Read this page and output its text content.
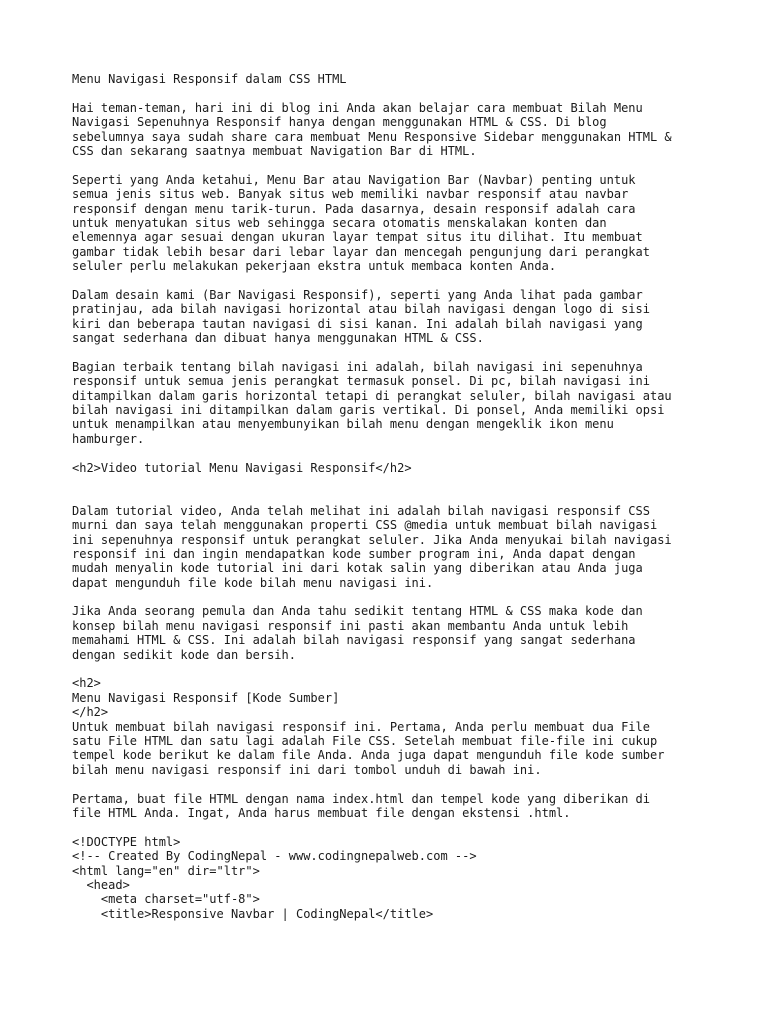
Menu Navigasi Responsif dalam CSS HTML
Hai teman-teman, hari ini di blog ini Anda akan belajar cara membuat Bilah Menu
Navigasi Sepenuhnya Responsif hanya dengan menggunakan HTML & CSS. Di blog
sebelumnya saya sudah share cara membuat Menu Responsive Sidebar menggunakan HTML &
CSS dan sekarang saatnya membuat Navigation Bar di HTML.
Seperti yang Anda ketahui, Menu Bar atau Navigation Bar (Navbar) penting untuk
semua jenis situs web. Banyak situs web memiliki navbar responsif atau navbar
responsif dengan menu tarik-turun. Pada dasarnya, desain responsif adalah cara
untuk menyatukan situs web sehingga secara otomatis menskalakan konten dan
elemennya agar sesuai dengan ukuran layar tempat situs itu dilihat. Itu membuat
gambar tidak lebih besar dari lebar layar dan mencegah pengunjung dari perangkat
seluler perlu melakukan pekerjaan ekstra untuk membaca konten Anda.
Dalam desain kami (Bar Navigasi Responsif), seperti yang Anda lihat pada gambar
pratinjau, ada bilah navigasi horizontal atau bilah navigasi dengan logo di sisi
kiri dan beberapa tautan navigasi di sisi kanan. Ini adalah bilah navigasi yang
sangat sederhana dan dibuat hanya menggunakan HTML & CSS.
Bagian terbaik tentang bilah navigasi ini adalah, bilah navigasi ini sepenuhnya
responsif untuk semua jenis perangkat termasuk ponsel. Di pc, bilah navigasi ini
ditampilkan dalam garis horizontal tetapi di perangkat seluler, bilah navigasi atau
bilah navigasi ini ditampilkan dalam garis vertikal. Di ponsel, Anda memiliki opsi
untuk menampilkan atau menyembunyikan bilah menu dengan mengeklik ikon menu
hamburger.
<h2>Video tutorial Menu Navigasi Responsif</h2>
Dalam tutorial video, Anda telah melihat ini adalah bilah navigasi responsif CSS
murni dan saya telah menggunakan properti CSS @media untuk membuat bilah navigasi
ini sepenuhnya responsif untuk perangkat seluler. Jika Anda menyukai bilah navigasi
responsif ini dan ingin mendapatkan kode sumber program ini, Anda dapat dengan
mudah menyalin kode tutorial ini dari kotak salin yang diberikan atau Anda juga
dapat mengunduh file kode bilah menu navigasi ini.
Jika Anda seorang pemula dan Anda tahu sedikit tentang HTML & CSS maka kode dan
konsep bilah menu navigasi responsif ini pasti akan membantu Anda untuk lebih
memahami HTML & CSS. Ini adalah bilah navigasi responsif yang sangat sederhana
dengan sedikit kode dan bersih.
<h2>
Menu Navigasi Responsif [Kode Sumber]
</h2>
Untuk membuat bilah navigasi responsif ini. Pertama, Anda perlu membuat dua File
satu File HTML dan satu lagi adalah File CSS. Setelah membuat file-file ini cukup
tempel kode berikut ke dalam file Anda. Anda juga dapat mengunduh file kode sumber
bilah menu navigasi responsif ini dari tombol unduh di bawah ini.
Pertama, buat file HTML dengan nama index.html dan tempel kode yang diberikan di
file HTML Anda. Ingat, Anda harus membuat file dengan ekstensi .html.
<!DOCTYPE html>
<!-- Created By CodingNepal - www.codingnepalweb.com -->
<html lang="en" dir="ltr">
<head>
<meta charset="utf-8">
<title>Responsive Navbar | CodingNepal</title>
